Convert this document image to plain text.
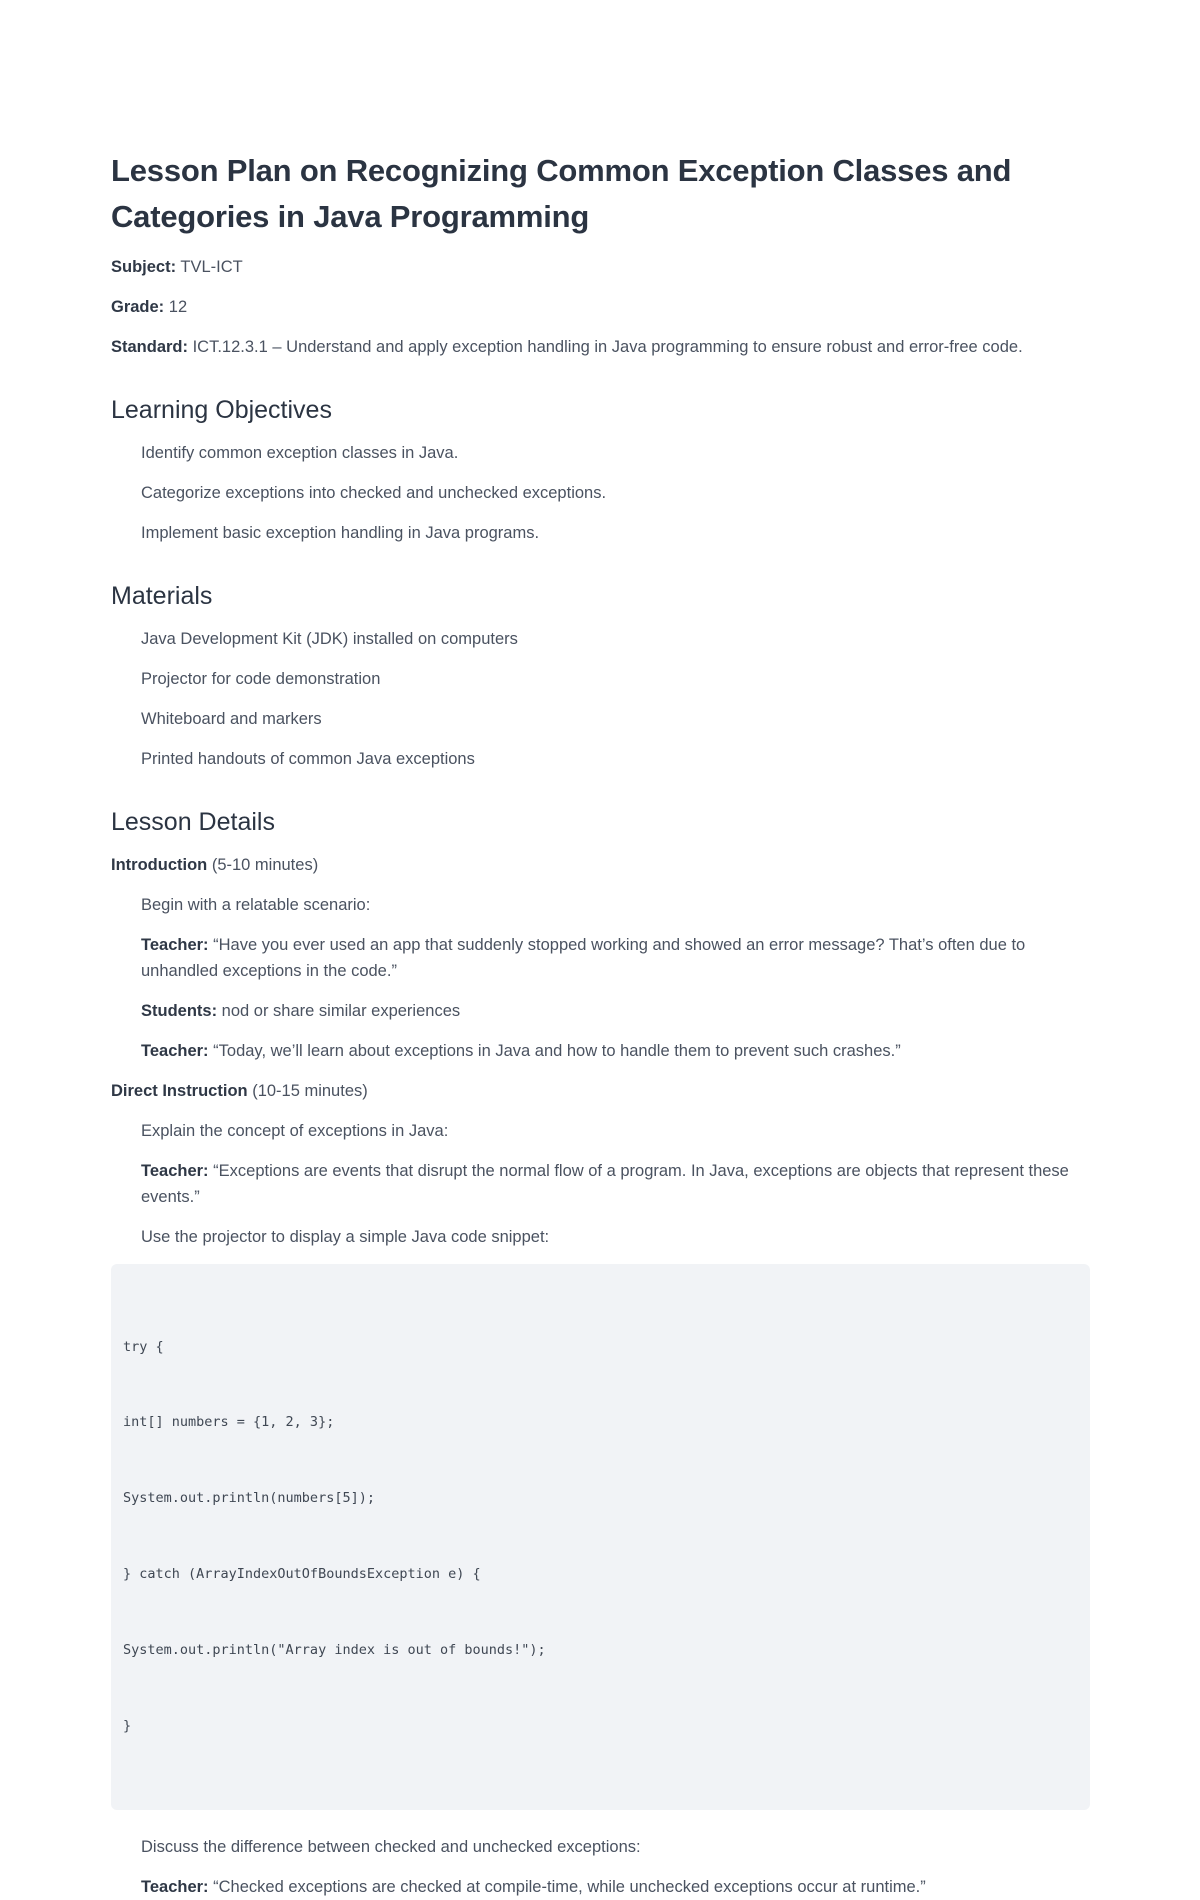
Lesson Plan on Recognizing Common Exception Classes and Categories in Java Programming

Subject: TVL-ICT

Grade: 12

Standard: ICT.12.3.1 – Understand and apply exception handling in Java programming to ensure robust and error-free code.

Learning Objectives

Identify common exception classes in Java.

Categorize exceptions into checked and unchecked exceptions.

Implement basic exception handling in Java programs.

Materials

Java Development Kit (JDK) installed on computers

Projector for code demonstration

Whiteboard and markers

Printed handouts of common Java exceptions

Lesson Details

Introduction (5-10 minutes)

Begin with a relatable scenario:

Teacher: “Have you ever used an app that suddenly stopped working and showed an error message? That’s often due to unhandled exceptions in the code.”

Students: nod or share similar experiences

Teacher: “Today, we’ll learn about exceptions in Java and how to handle them to prevent such crashes.”

Direct Instruction (10-15 minutes)

Explain the concept of exceptions in Java:

Teacher: “Exceptions are events that disrupt the normal flow of a program. In Java, exceptions are objects that represent these events.”

Use the projector to display a simple Java code snippet:

try {

int[] numbers = {1, 2, 3};

System.out.println(numbers[5]);

} catch (ArrayIndexOutOfBoundsException e) {

System.out.println("Array index is out of bounds!");

}

Discuss the difference between checked and unchecked exceptions:

Teacher: “Checked exceptions are checked at compile-time, while unchecked exceptions occur at runtime.”
